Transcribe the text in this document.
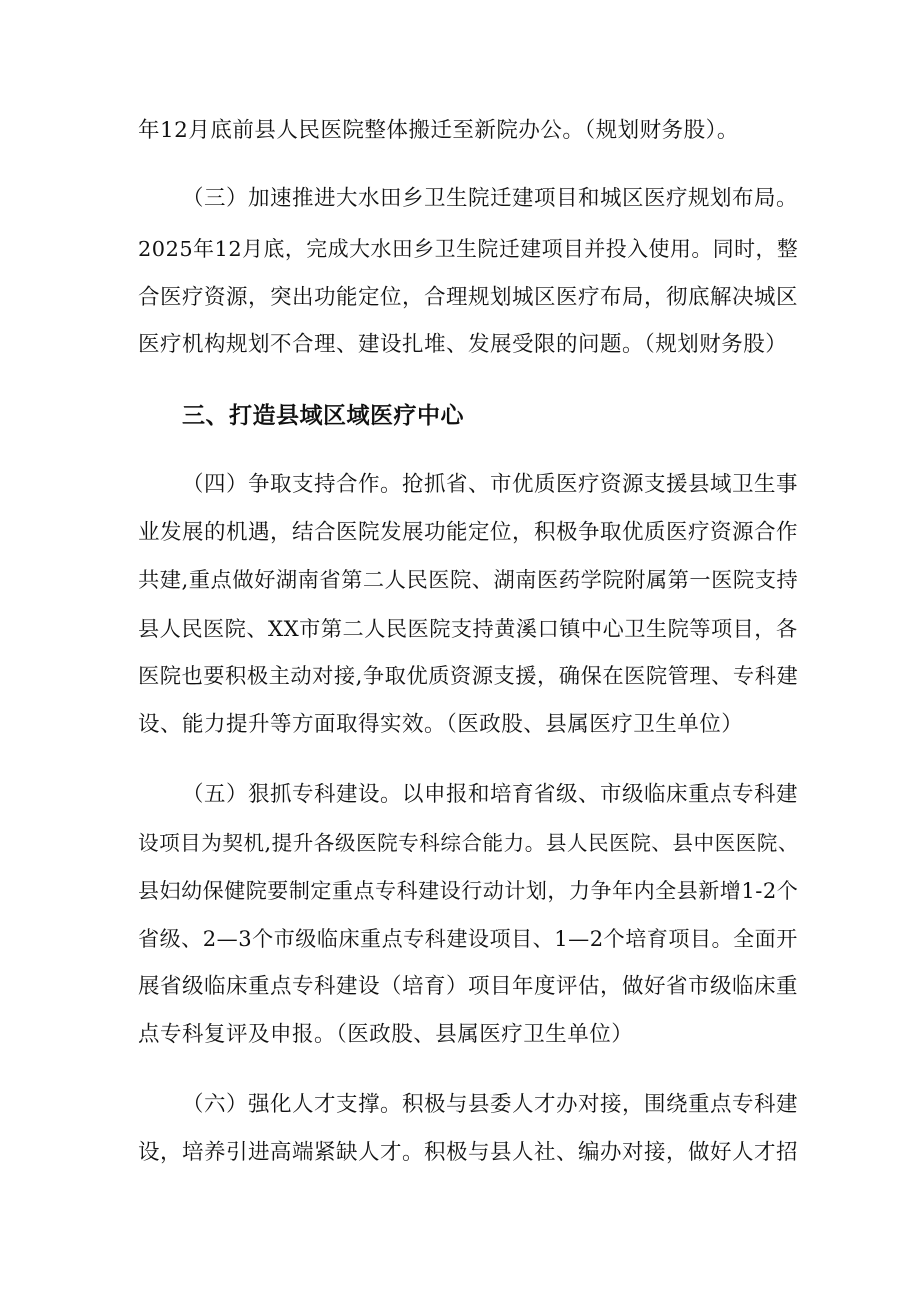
年12月底前县人民医院整体搬迁至新院办公。（规划财务股）。
（三）加速推进大水田乡卫生院迁建项目和城区医疗规划布局。
2025年12月底，完成大水田乡卫生院迁建项目并投入使用。同时，整
合医疗资源，突出功能定位，合理规划城区医疗布局，彻底解决城区
医疗机构规划不合理、建设扎堆、发展受限的问题。（规划财务股）
三、打造县域区域医疗中心
（四）争取支持合作。抢抓省、市优质医疗资源支援县域卫生事
业发展的机遇，结合医院发展功能定位，积极争取优质医疗资源合作
共建,重点做好湖南省第二人民医院、湖南医药学院附属第一医院支持
县人民医院、XX市第二人民医院支持黄溪口镇中心卫生院等项目，各
医院也要积极主动对接,争取优质资源支援，确保在医院管理、专科建
设、能力提升等方面取得实效。（医政股、县属医疗卫生单位）
（五）狠抓专科建设。以申报和培育省级、市级临床重点专科建
设项目为契机,提升各级医院专科综合能力。县人民医院、县中医医院、
县妇幼保健院要制定重点专科建设行动计划，力争年内全县新增1-2个
省级、2—3个市级临床重点专科建设项目、1—2个培育项目。全面开
展省级临床重点专科建设（培育）项目年度评估，做好省市级临床重
点专科复评及申报。（医政股、县属医疗卫生单位）
（六）强化人才支撑。积极与县委人才办对接，围绕重点专科建
设，培养引进高端紧缺人才。积极与县人社、编办对接，做好人才招
